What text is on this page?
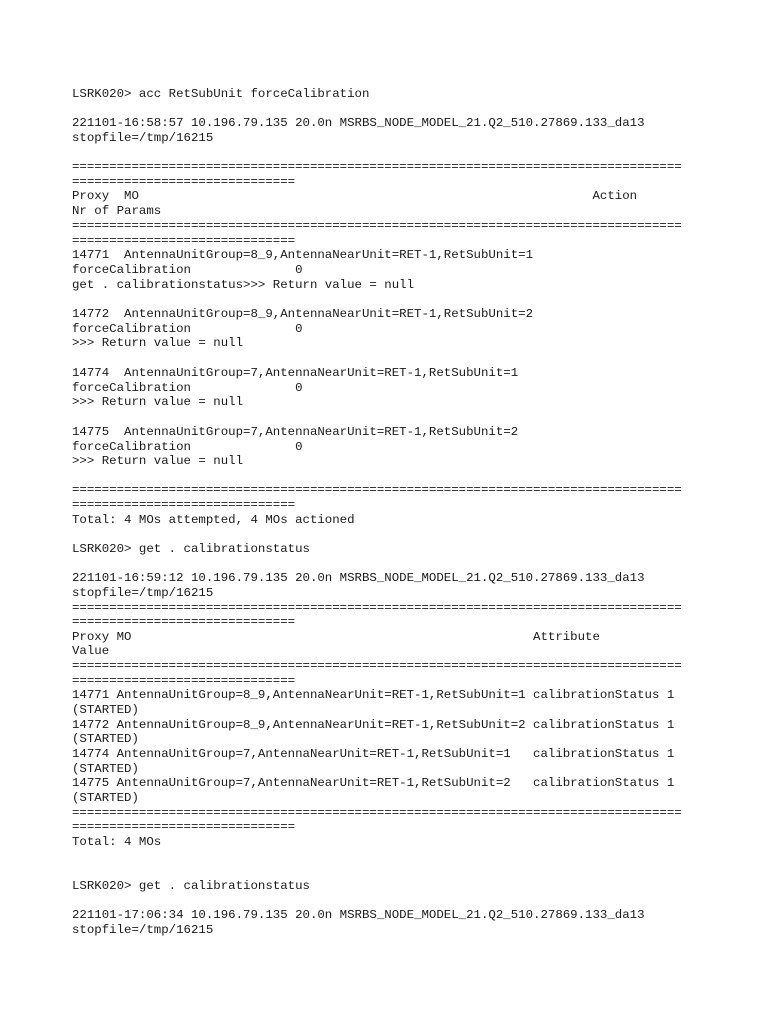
LSRK020> acc RetSubUnit forceCalibration
221101-16:58:57 10.196.79.135 20.0n MSRBS_NODE_MODEL_21.Q2_510.27869.133_da13
stopfile=/tmp/16215
==================================================================================
==============================
Proxy  MO                                                             Action
Nr of Params
==================================================================================
==============================
14771  AntennaUnitGroup=8_9,AntennaNearUnit=RET-1,RetSubUnit=1
forceCalibration              0
get . calibrationstatus>>> Return value = null
14772  AntennaUnitGroup=8_9,AntennaNearUnit=RET-1,RetSubUnit=2
forceCalibration              0
>>> Return value = null
14774  AntennaUnitGroup=7,AntennaNearUnit=RET-1,RetSubUnit=1
forceCalibration              0
>>> Return value = null
14775  AntennaUnitGroup=7,AntennaNearUnit=RET-1,RetSubUnit=2
forceCalibration              0
>>> Return value = null
==================================================================================
==============================
Total: 4 MOs attempted, 4 MOs actioned
LSRK020> get . calibrationstatus
221101-16:59:12 10.196.79.135 20.0n MSRBS_NODE_MODEL_21.Q2_510.27869.133_da13
stopfile=/tmp/16215
==================================================================================
==============================
Proxy MO                                                      Attribute
Value
==================================================================================
==============================
14771 AntennaUnitGroup=8_9,AntennaNearUnit=RET-1,RetSubUnit=1 calibrationStatus 1
(STARTED)
14772 AntennaUnitGroup=8_9,AntennaNearUnit=RET-1,RetSubUnit=2 calibrationStatus 1
(STARTED)
14774 AntennaUnitGroup=7,AntennaNearUnit=RET-1,RetSubUnit=1   calibrationStatus 1
(STARTED)
14775 AntennaUnitGroup=7,AntennaNearUnit=RET-1,RetSubUnit=2   calibrationStatus 1
(STARTED)
==================================================================================
==============================
Total: 4 MOs
LSRK020> get . calibrationstatus
221101-17:06:34 10.196.79.135 20.0n MSRBS_NODE_MODEL_21.Q2_510.27869.133_da13
stopfile=/tmp/16215
